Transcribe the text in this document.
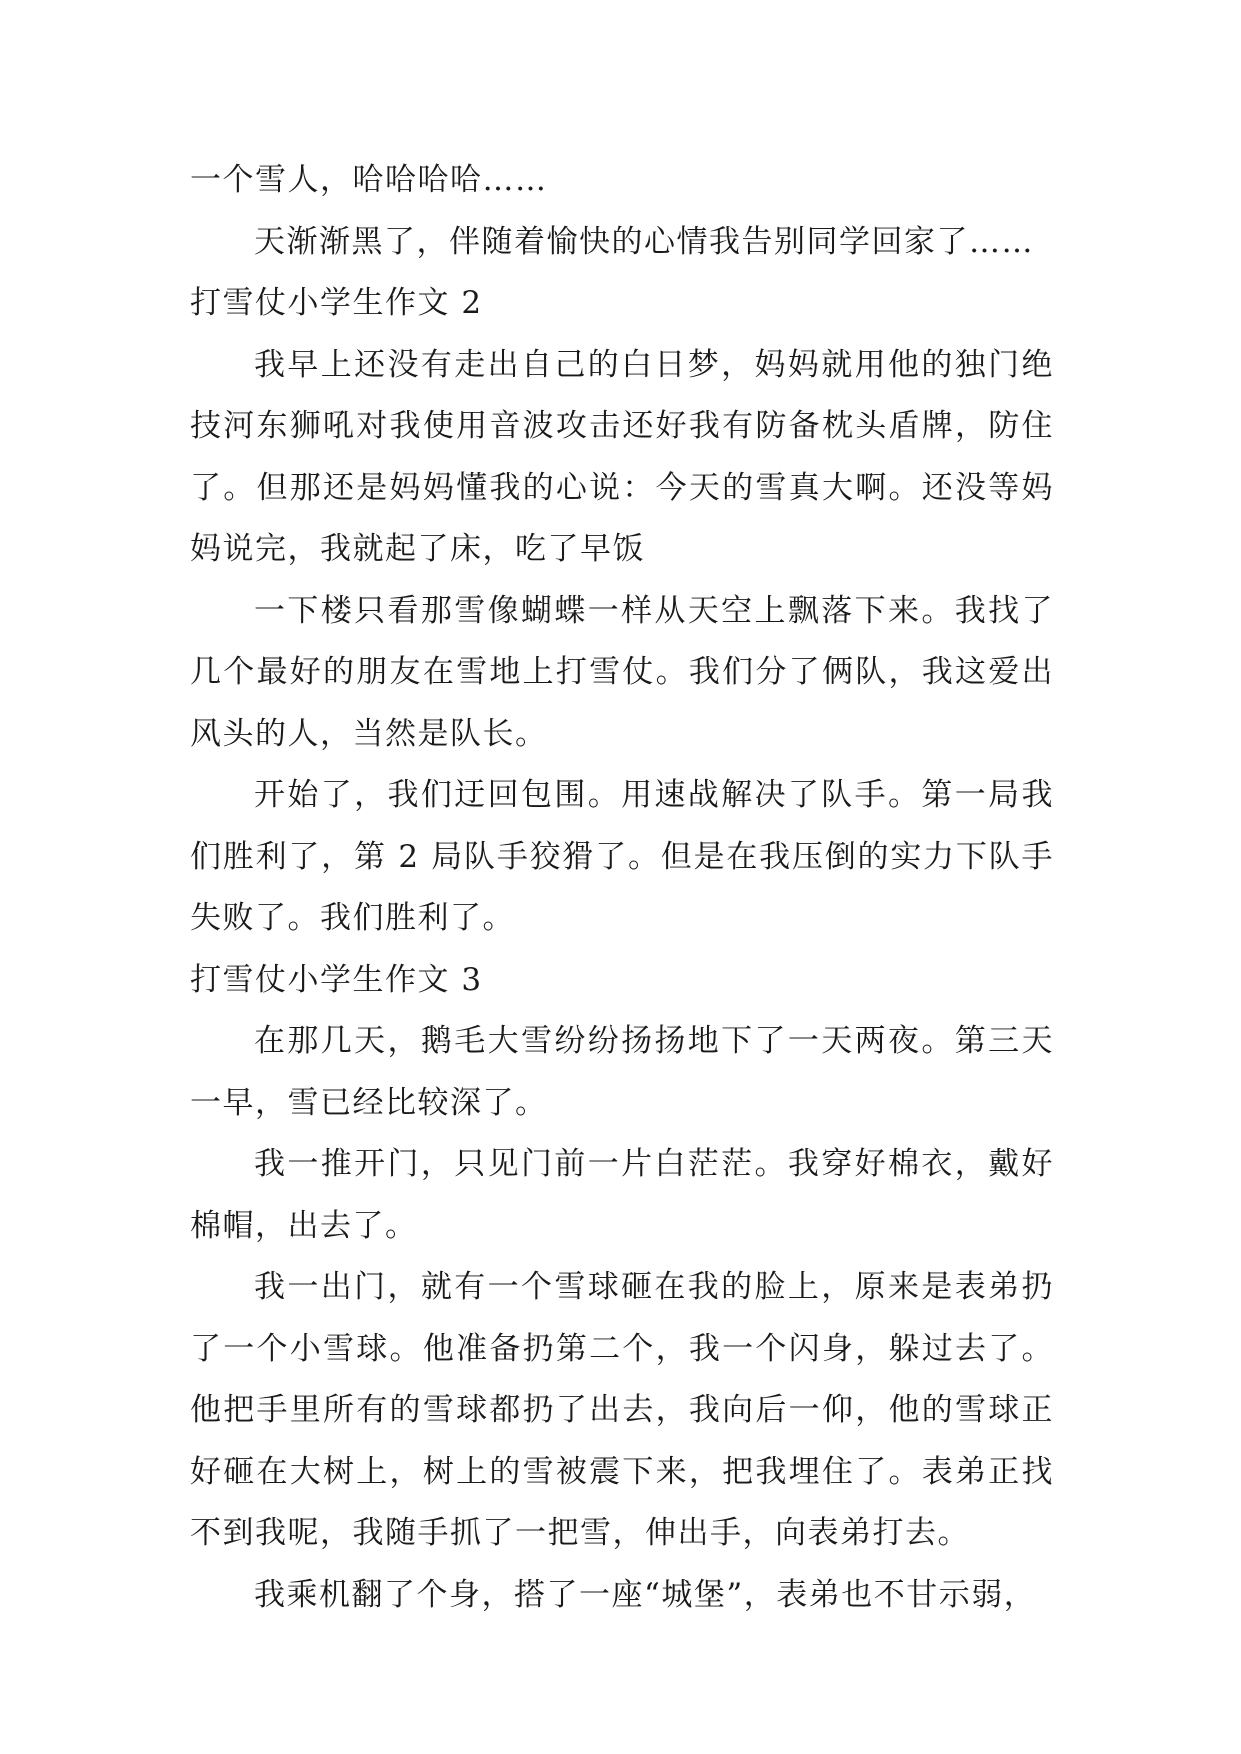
一个雪人，哈哈哈哈……

天渐渐黑了，伴随着愉快的心情我告别同学回家了……

打雪仗小学生作文 2

我早上还没有走出自己的白日梦，妈妈就用他的独门绝技河东狮吼对我使用音波攻击还好我有防备枕头盾牌，防住了。但那还是妈妈懂我的心说：今天的雪真大啊。还没等妈妈说完，我就起了床，吃了早饭

一下楼只看那雪像蝴蝶一样从天空上飘落下来。我找了几个最好的朋友在雪地上打雪仗。我们分了俩队，我这爱出风头的人，当然是队长。

开始了，我们迂回包围。用速战解决了队手。第一局我们胜利了，第 2 局队手狡猾了。但是在我压倒的实力下队手失败了。我们胜利了。

打雪仗小学生作文 3

在那几天，鹅毛大雪纷纷扬扬地下了一天两夜。第三天一早，雪已经比较深了。

我一推开门，只见门前一片白茫茫。我穿好棉衣，戴好棉帽，出去了。

我一出门，就有一个雪球砸在我的脸上，原来是表弟扔了一个小雪球。他准备扔第二个，我一个闪身，躲过去了。他把手里所有的雪球都扔了出去，我向后一仰，他的雪球正好砸在大树上，树上的雪被震下来，把我埋住了。表弟正找不到我呢，我随手抓了一把雪，伸出手，向表弟打去。

我乘机翻了个身，搭了一座“城堡”，表弟也不甘示弱，
